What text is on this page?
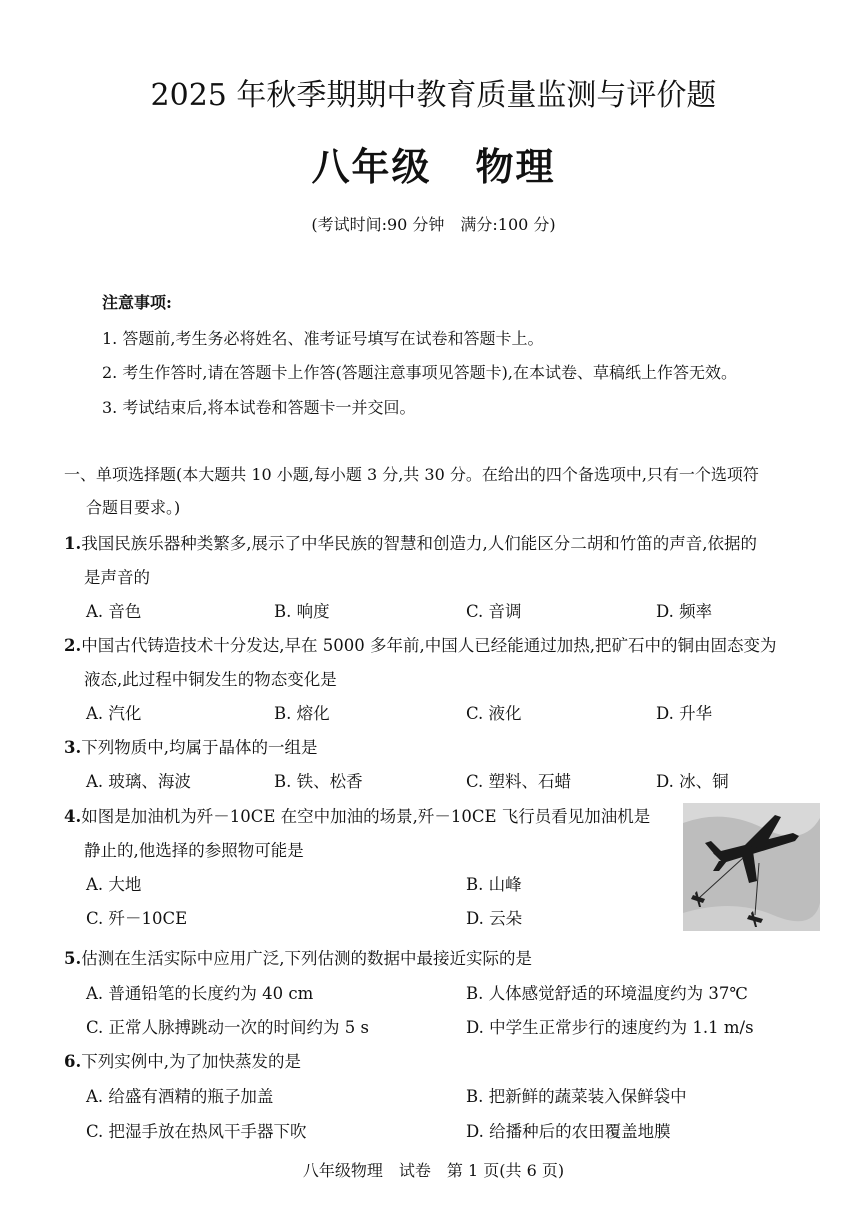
2025 年秋季期期中教育质量监测与评价题
八年级 物理
(考试时间:90 分钟　满分:100 分)
注意事项:
1. 答题前,考生务必将姓名、准考证号填写在试卷和答题卡上。
2. 考生作答时,请在答题卡上作答(答题注意事项见答题卡),在本试卷、草稿纸上作答无效。
3. 考试结束后,将本试卷和答题卡一并交回。
一、单项选择题(本大题共 10 小题,每小题 3 分,共 30 分。在给出的四个备选项中,只有一个选项符
合题目要求。)
1.我国民族乐器种类繁多,展示了中华民族的智慧和创造力,人们能区分二胡和竹笛的声音,依据的
是声音的
A. 音色	B. 响度	C. 音调	D. 频率
2.中国古代铸造技术十分发达,早在 5000 多年前,中国人已经能通过加热,把矿石中的铜由固态变为
液态,此过程中铜发生的物态变化是
A. 汽化	B. 熔化	C. 液化	D. 升华
3.下列物质中,均属于晶体的一组是
A. 玻璃、海波	B. 铁、松香	C. 塑料、石蜡	D. 冰、铜
4.如图是加油机为歼－10CE 在空中加油的场景,歼－10CE 飞行员看见加油机是
静止的,他选择的参照物可能是
A. 大地	B. 山峰
C. 歼－10CE	D. 云朵
5.估测在生活实际中应用广泛,下列估测的数据中最接近实际的是
A. 普通铅笔的长度约为 40 cm	B. 人体感觉舒适的环境温度约为 37℃
C. 正常人脉搏跳动一次的时间约为 5 s	D. 中学生正常步行的速度约为 1.1 m/s
6.下列实例中,为了加快蒸发的是
A. 给盛有酒精的瓶子加盖	B. 把新鲜的蔬菜装入保鲜袋中
C. 把湿手放在热风干手器下吹	D. 给播种后的农田覆盖地膜
八年级物理　试卷　第 1 页(共 6 页)
